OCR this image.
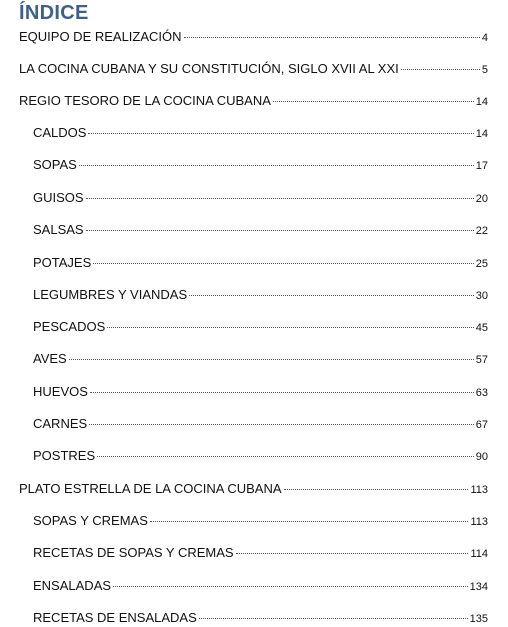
ÍNDICE
EQUIPO DE REALIZACIÓN	4
LA COCINA CUBANA Y SU CONSTITUCIÓN, SIGLO XVII AL XXI	5
REGIO TESORO DE LA COCINA CUBANA	14
CALDOS	14
SOPAS	17
GUISOS	20
SALSAS	22
POTAJES	25
LEGUMBRES Y VIANDAS	30
PESCADOS	45
AVES	57
HUEVOS	63
CARNES	67
POSTRES	90
PLATO ESTRELLA DE LA COCINA CUBANA	113
SOPAS Y CREMAS	113
RECETAS DE SOPAS Y CREMAS	114
ENSALADAS	134
RECETAS DE ENSALADAS	135
